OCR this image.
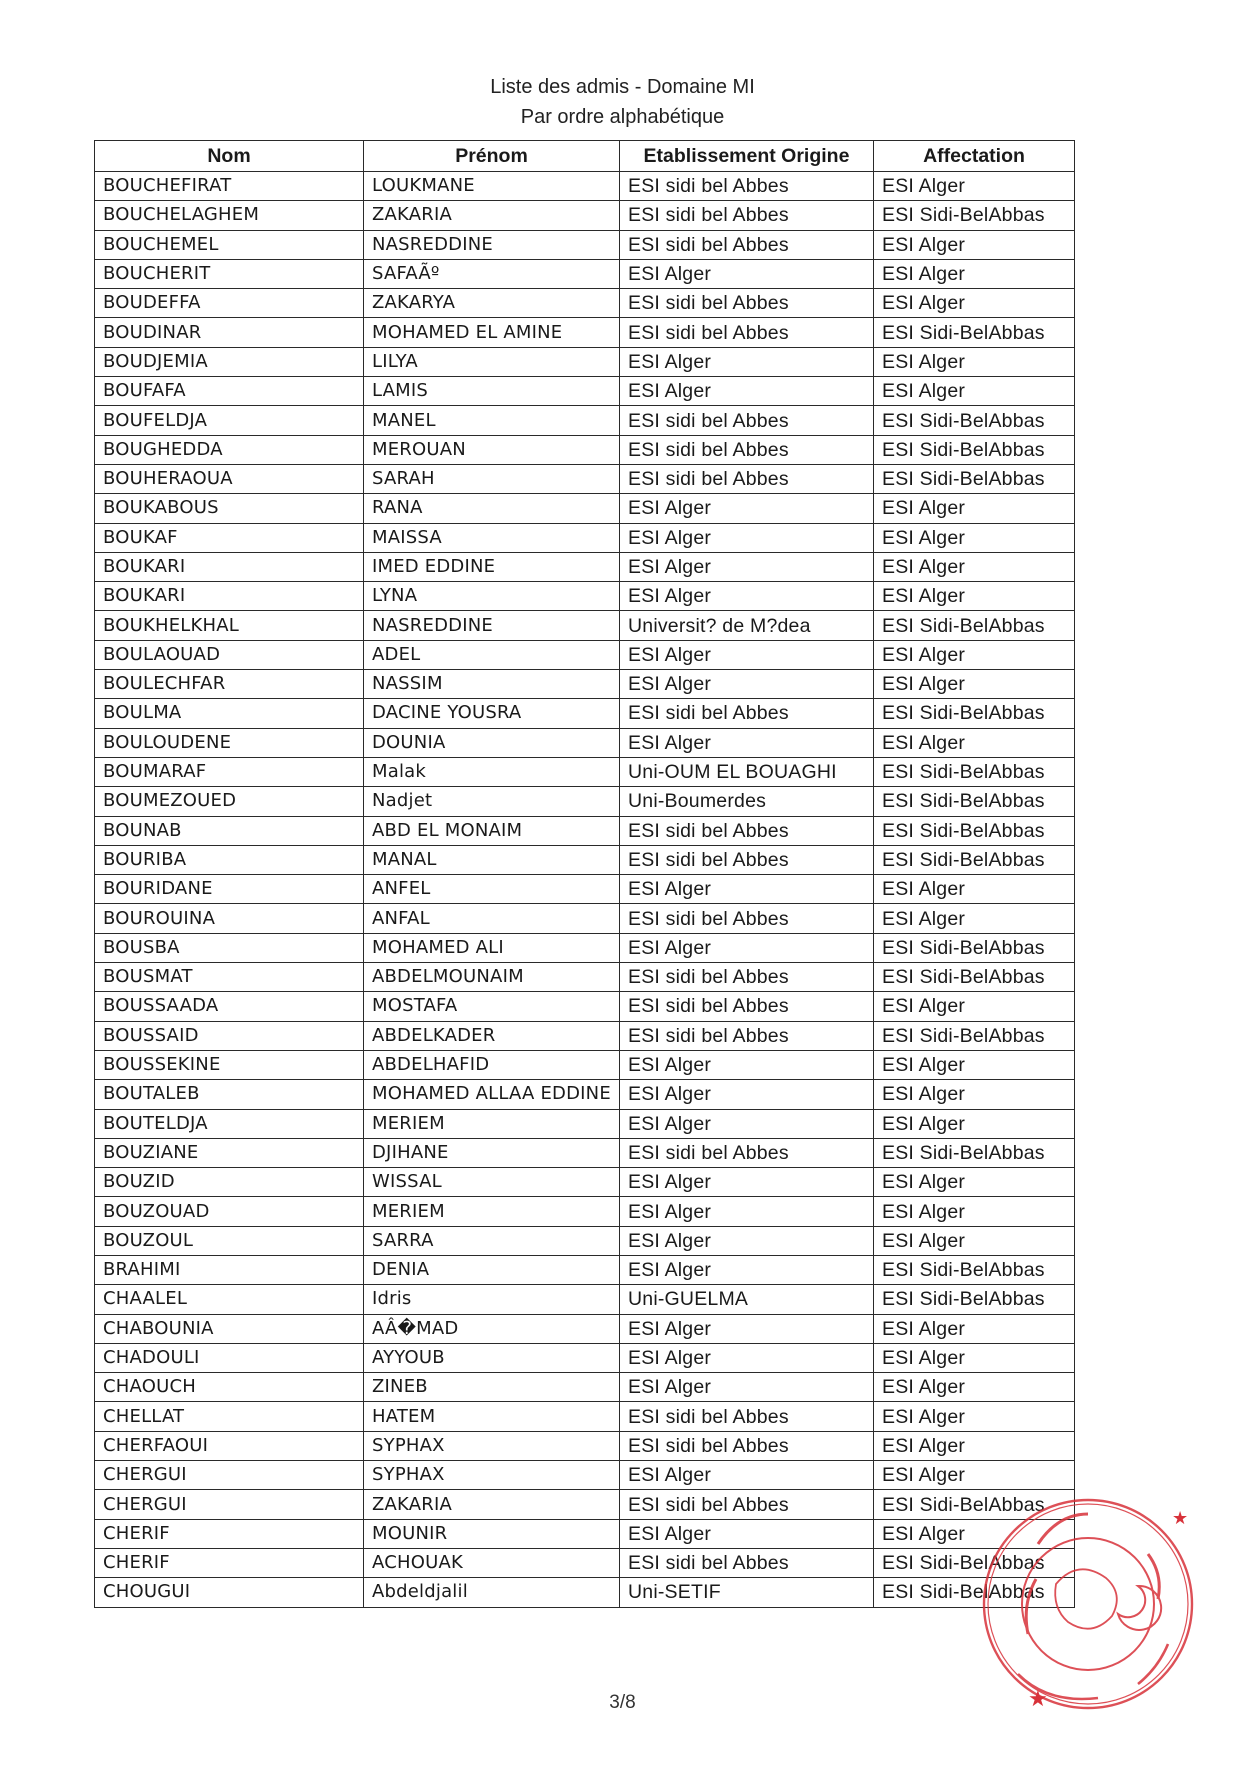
Liste des admis - Domaine MI
Par ordre alphabétique
Nom	Prénom	Etablissement Origine	Affectation
BOUCHEFIRAT	LOUKMANE	ESI sidi bel Abbes	ESI Alger
BOUCHELAGHEM	ZAKARIA	ESI sidi bel Abbes	ESI Sidi-BelAbbas
BOUCHEMEL	NASREDDINE	ESI sidi bel Abbes	ESI Alger
BOUCHERIT	SAFAÃº	ESI Alger	ESI Alger
BOUDEFFA	ZAKARYA	ESI sidi bel Abbes	ESI Alger
BOUDINAR	MOHAMED EL AMINE	ESI sidi bel Abbes	ESI Sidi-BelAbbas
BOUDJEMIA	LILYA	ESI Alger	ESI Alger
BOUFAFA	LAMIS	ESI Alger	ESI Alger
BOUFELDJA	MANEL	ESI sidi bel Abbes	ESI Sidi-BelAbbas
BOUGHEDDA	MEROUAN	ESI sidi bel Abbes	ESI Sidi-BelAbbas
BOUHERAOUA	SARAH	ESI sidi bel Abbes	ESI Sidi-BelAbbas
BOUKABOUS	RANA	ESI Alger	ESI Alger
BOUKAF	MAISSA	ESI Alger	ESI Alger
BOUKARI	IMED EDDINE	ESI Alger	ESI Alger
BOUKARI	LYNA	ESI Alger	ESI Alger
BOUKHELKHAL	NASREDDINE	Universit? de M?dea	ESI Sidi-BelAbbas
BOULAOUAD	ADEL	ESI Alger	ESI Alger
BOULECHFAR	NASSIM	ESI Alger	ESI Alger
BOULMA	DACINE YOUSRA	ESI sidi bel Abbes	ESI Sidi-BelAbbas
BOULOUDENE	DOUNIA	ESI Alger	ESI Alger
BOUMARAF	Malak	Uni-OUM EL BOUAGHI	ESI Sidi-BelAbbas
BOUMEZOUED	Nadjet	Uni-Boumerdes	ESI Sidi-BelAbbas
BOUNAB	ABD EL MONAIM	ESI sidi bel Abbes	ESI Sidi-BelAbbas
BOURIBA	MANAL	ESI sidi bel Abbes	ESI Sidi-BelAbbas
BOURIDANE	ANFEL	ESI Alger	ESI Alger
BOUROUINA	ANFAL	ESI sidi bel Abbes	ESI Alger
BOUSBA	MOHAMED ALI	ESI Alger	ESI Sidi-BelAbbas
BOUSMAT	ABDELMOUNAIM	ESI sidi bel Abbes	ESI Sidi-BelAbbas
BOUSSAADA	MOSTAFA	ESI sidi bel Abbes	ESI Alger
BOUSSAID	ABDELKADER	ESI sidi bel Abbes	ESI Sidi-BelAbbas
BOUSSEKINE	ABDELHAFID	ESI Alger	ESI Alger
BOUTALEB	MOHAMED ALLAA EDDINE	ESI Alger	ESI Alger
BOUTELDJA	MERIEM	ESI Alger	ESI Alger
BOUZIANE	DJIHANE	ESI sidi bel Abbes	ESI Sidi-BelAbbas
BOUZID	WISSAL	ESI Alger	ESI Alger
BOUZOUAD	MERIEM	ESI Alger	ESI Alger
BOUZOUL	SARRA	ESI Alger	ESI Alger
BRAHIMI	DENIA	ESI Alger	ESI Sidi-BelAbbas
CHAALEL	Idris	Uni-GUELMA	ESI Sidi-BelAbbas
CHABOUNIA	AÂ�MAD	ESI Alger	ESI Alger
CHADOULI	AYYOUB	ESI Alger	ESI Alger
CHAOUCH	ZINEB	ESI Alger	ESI Alger
CHELLAT	HATEM	ESI sidi bel Abbes	ESI Alger
CHERFAOUI	SYPHAX	ESI sidi bel Abbes	ESI Alger
CHERGUI	SYPHAX	ESI Alger	ESI Alger
CHERGUI	ZAKARIA	ESI sidi bel Abbes	ESI Sidi-BelAbbas
CHERIF	MOUNIR	ESI Alger	ESI Alger
CHERIF	ACHOUAK	ESI sidi bel Abbes	ESI Sidi-BelAbbas
CHOUGUI	Abdeldjalil	Uni-SETIF	ESI Sidi-BelAbbas
3/8	★
★
